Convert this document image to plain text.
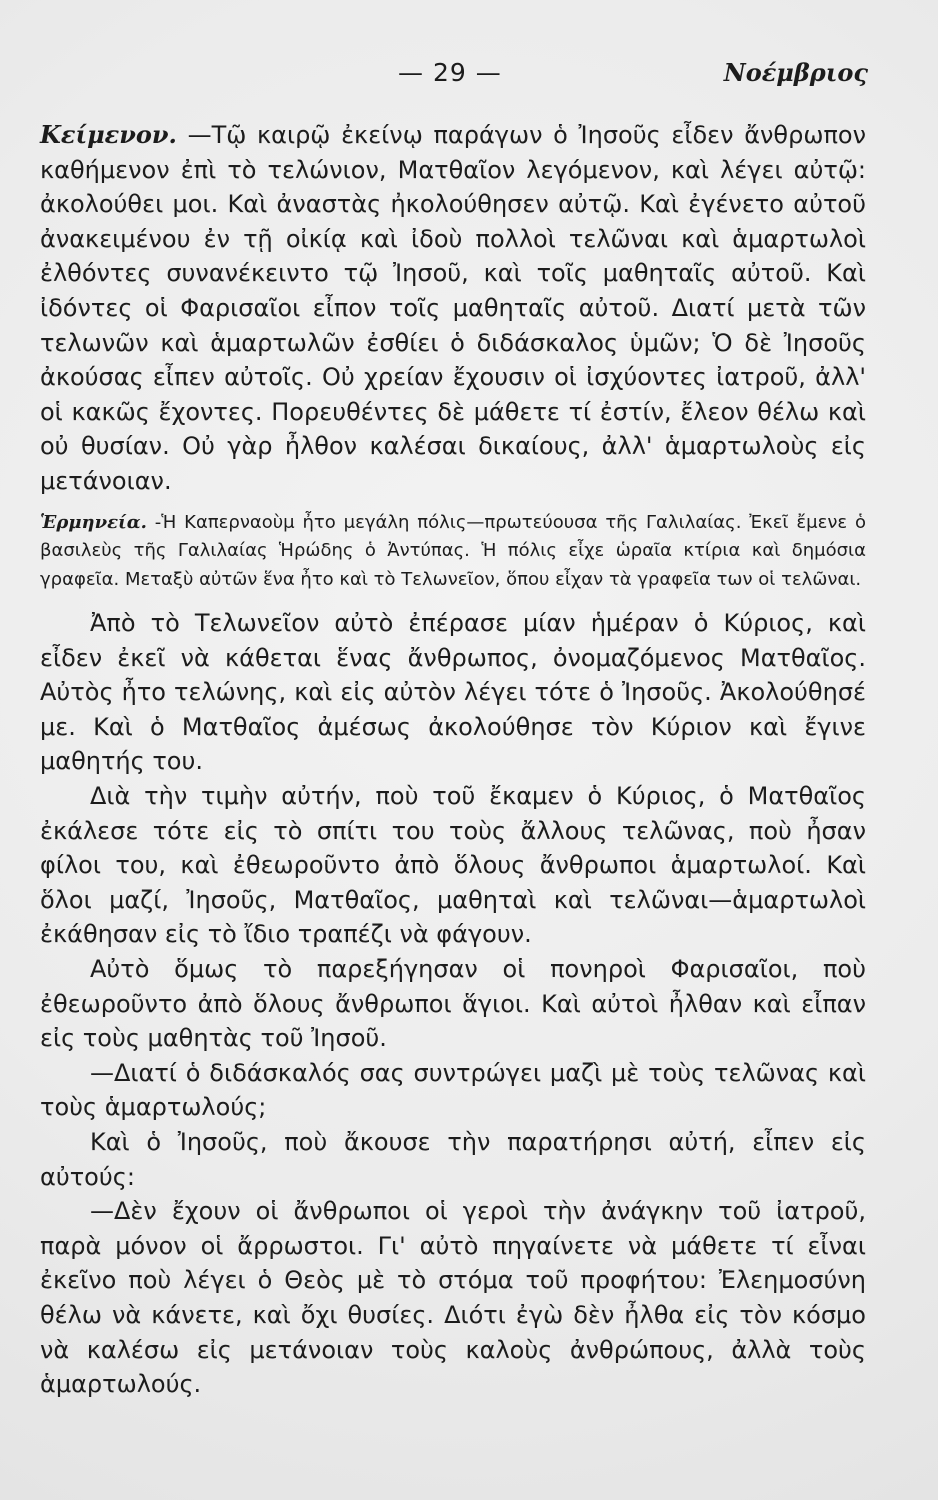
— 29 —	Νοέμβριος

Κείμενον. —Τῷ καιρῷ ἐκείνῳ παράγων ὁ Ἰησοῦς εἶδεν ἄνθρωπον καθήμενον ἐπὶ τὸ τελώνιον, Ματθαῖον λεγόμενον, καὶ λέγει αὐτῷ: ἀκολούθει μοι. Καὶ ἀναστὰς ἠκολούθησεν αὐτῷ. Καὶ ἐγένετο αὐτοῦ ἀνακειμένου ἐν τῇ οἰκίᾳ καὶ ἰδοὺ πολλοὶ τελῶναι καὶ ἁμαρτωλοὶ ἐλθόντες συνανέκειντο τῷ Ἰησοῦ, καὶ τοῖς μαθηταῖς αὐτοῦ. Καὶ ἰδόντες οἱ Φαρισαῖοι εἶπον τοῖς μαθηταῖς αὐτοῦ. Διατί μετὰ τῶν τελωνῶν καὶ ἁμαρτωλῶν ἐσθίει ὁ διδάσκαλος ὑμῶν; Ὁ δὲ Ἰησοῦς ἀκούσας εἶπεν αὐτοῖς. Οὐ χρείαν ἔχουσιν οἱ ἰσχύοντες ἰατροῦ, ἀλλ' οἱ κακῶς ἔχοντες. Πορευθέντες δὲ μάθετε τί ἐστίν, ἔλεον θέλω καὶ οὐ θυσίαν. Οὐ γὰρ ἦλθον καλέσαι δικαίους, ἀλλ' ἁμαρτωλοὺς εἰς μετάνοιαν.

Ἑρμηνεία. -Ἡ Καπερναοὺμ ἦτο μεγάλη πόλις—πρωτεύουσα τῆς Γαλιλαίας. Ἐκεῖ ἔμενε ὁ βασιλεὺς τῆς Γαλιλαίας Ἡρώδης ὁ Ἀντύπας. Ἡ πόλις εἶχε ὡραῖα κτίρια καὶ δημόσια γραφεῖα. Μεταξὺ αὐτῶν ἕνα ἦτο καὶ τὸ Τελωνεῖον, ὅπου εἶχαν τὰ γραφεῖα των οἱ τελῶναι.

Ἀπὸ τὸ Τελωνεῖον αὐτὸ ἐπέρασε μίαν ἡμέραν ὁ Κύριος, καὶ εἶδεν ἐκεῖ νὰ κάθεται ἕνας ἄνθρωπος, ὀνομαζόμενος Ματθαῖος. Αὐτὸς ἦτο τελώνης, καὶ εἰς αὐτὸν λέγει τότε ὁ Ἰησοῦς. Ἀκολούθησέ με. Καὶ ὁ Ματθαῖος ἀμέσως ἀκολούθησε τὸν Κύριον καὶ ἔγινε μαθητής του.

Διὰ τὴν τιμὴν αὐτήν, ποὺ τοῦ ἔκαμεν ὁ Κύριος, ὁ Ματθαῖος ἐκάλεσε τότε εἰς τὸ σπίτι του τοὺς ἄλλους τελῶνας, ποὺ ἦσαν φίλοι του, καὶ ἐθεωροῦντο ἀπὸ ὅλους ἄνθρωποι ἁμαρτωλοί. Καὶ ὅλοι μαζί, Ἰησοῦς, Ματθαῖος, μαθηταὶ καὶ τελῶναι—ἁμαρτωλοὶ ἐκάθησαν εἰς τὸ ἴδιο τραπέζι νὰ φάγουν.

Αὐτὸ ὅμως τὸ παρεξήγησαν οἱ πονηροὶ Φαρισαῖοι, ποὺ ἐθεωροῦντο ἀπὸ ὅλους ἄνθρωποι ἅγιοι. Καὶ αὐτοὶ ἦλθαν καὶ εἶπαν εἰς τοὺς μαθητὰς τοῦ Ἰησοῦ.

—Διατί ὁ διδάσκαλός σας συντρώγει μαζὶ μὲ τοὺς τελῶνας καὶ τοὺς ἁμαρτωλούς;

Καὶ ὁ Ἰησοῦς, ποὺ ἄκουσε τὴν παρατήρησι αὐτή, εἶπεν εἰς αὐτούς:

—Δὲν ἔχουν οἱ ἄνθρωποι οἱ γεροὶ τὴν ἀνάγκην τοῦ ἰατροῦ, παρὰ μόνον οἱ ἄρρωστοι. Γι' αὐτὸ πηγαίνετε νὰ μάθετε τί εἶναι ἐκεῖνο ποὺ λέγει ὁ Θεὸς μὲ τὸ στόμα τοῦ προφήτου: Ἐλεημοσύνη θέλω νὰ κάνετε, καὶ ὄχι θυσίες. Διότι ἐγὼ δὲν ἦλθα εἰς τὸν κόσμο νὰ καλέσω εἰς μετάνοιαν τοὺς καλοὺς ἀνθρώπους, ἀλλὰ τοὺς ἁμαρτωλούς.
